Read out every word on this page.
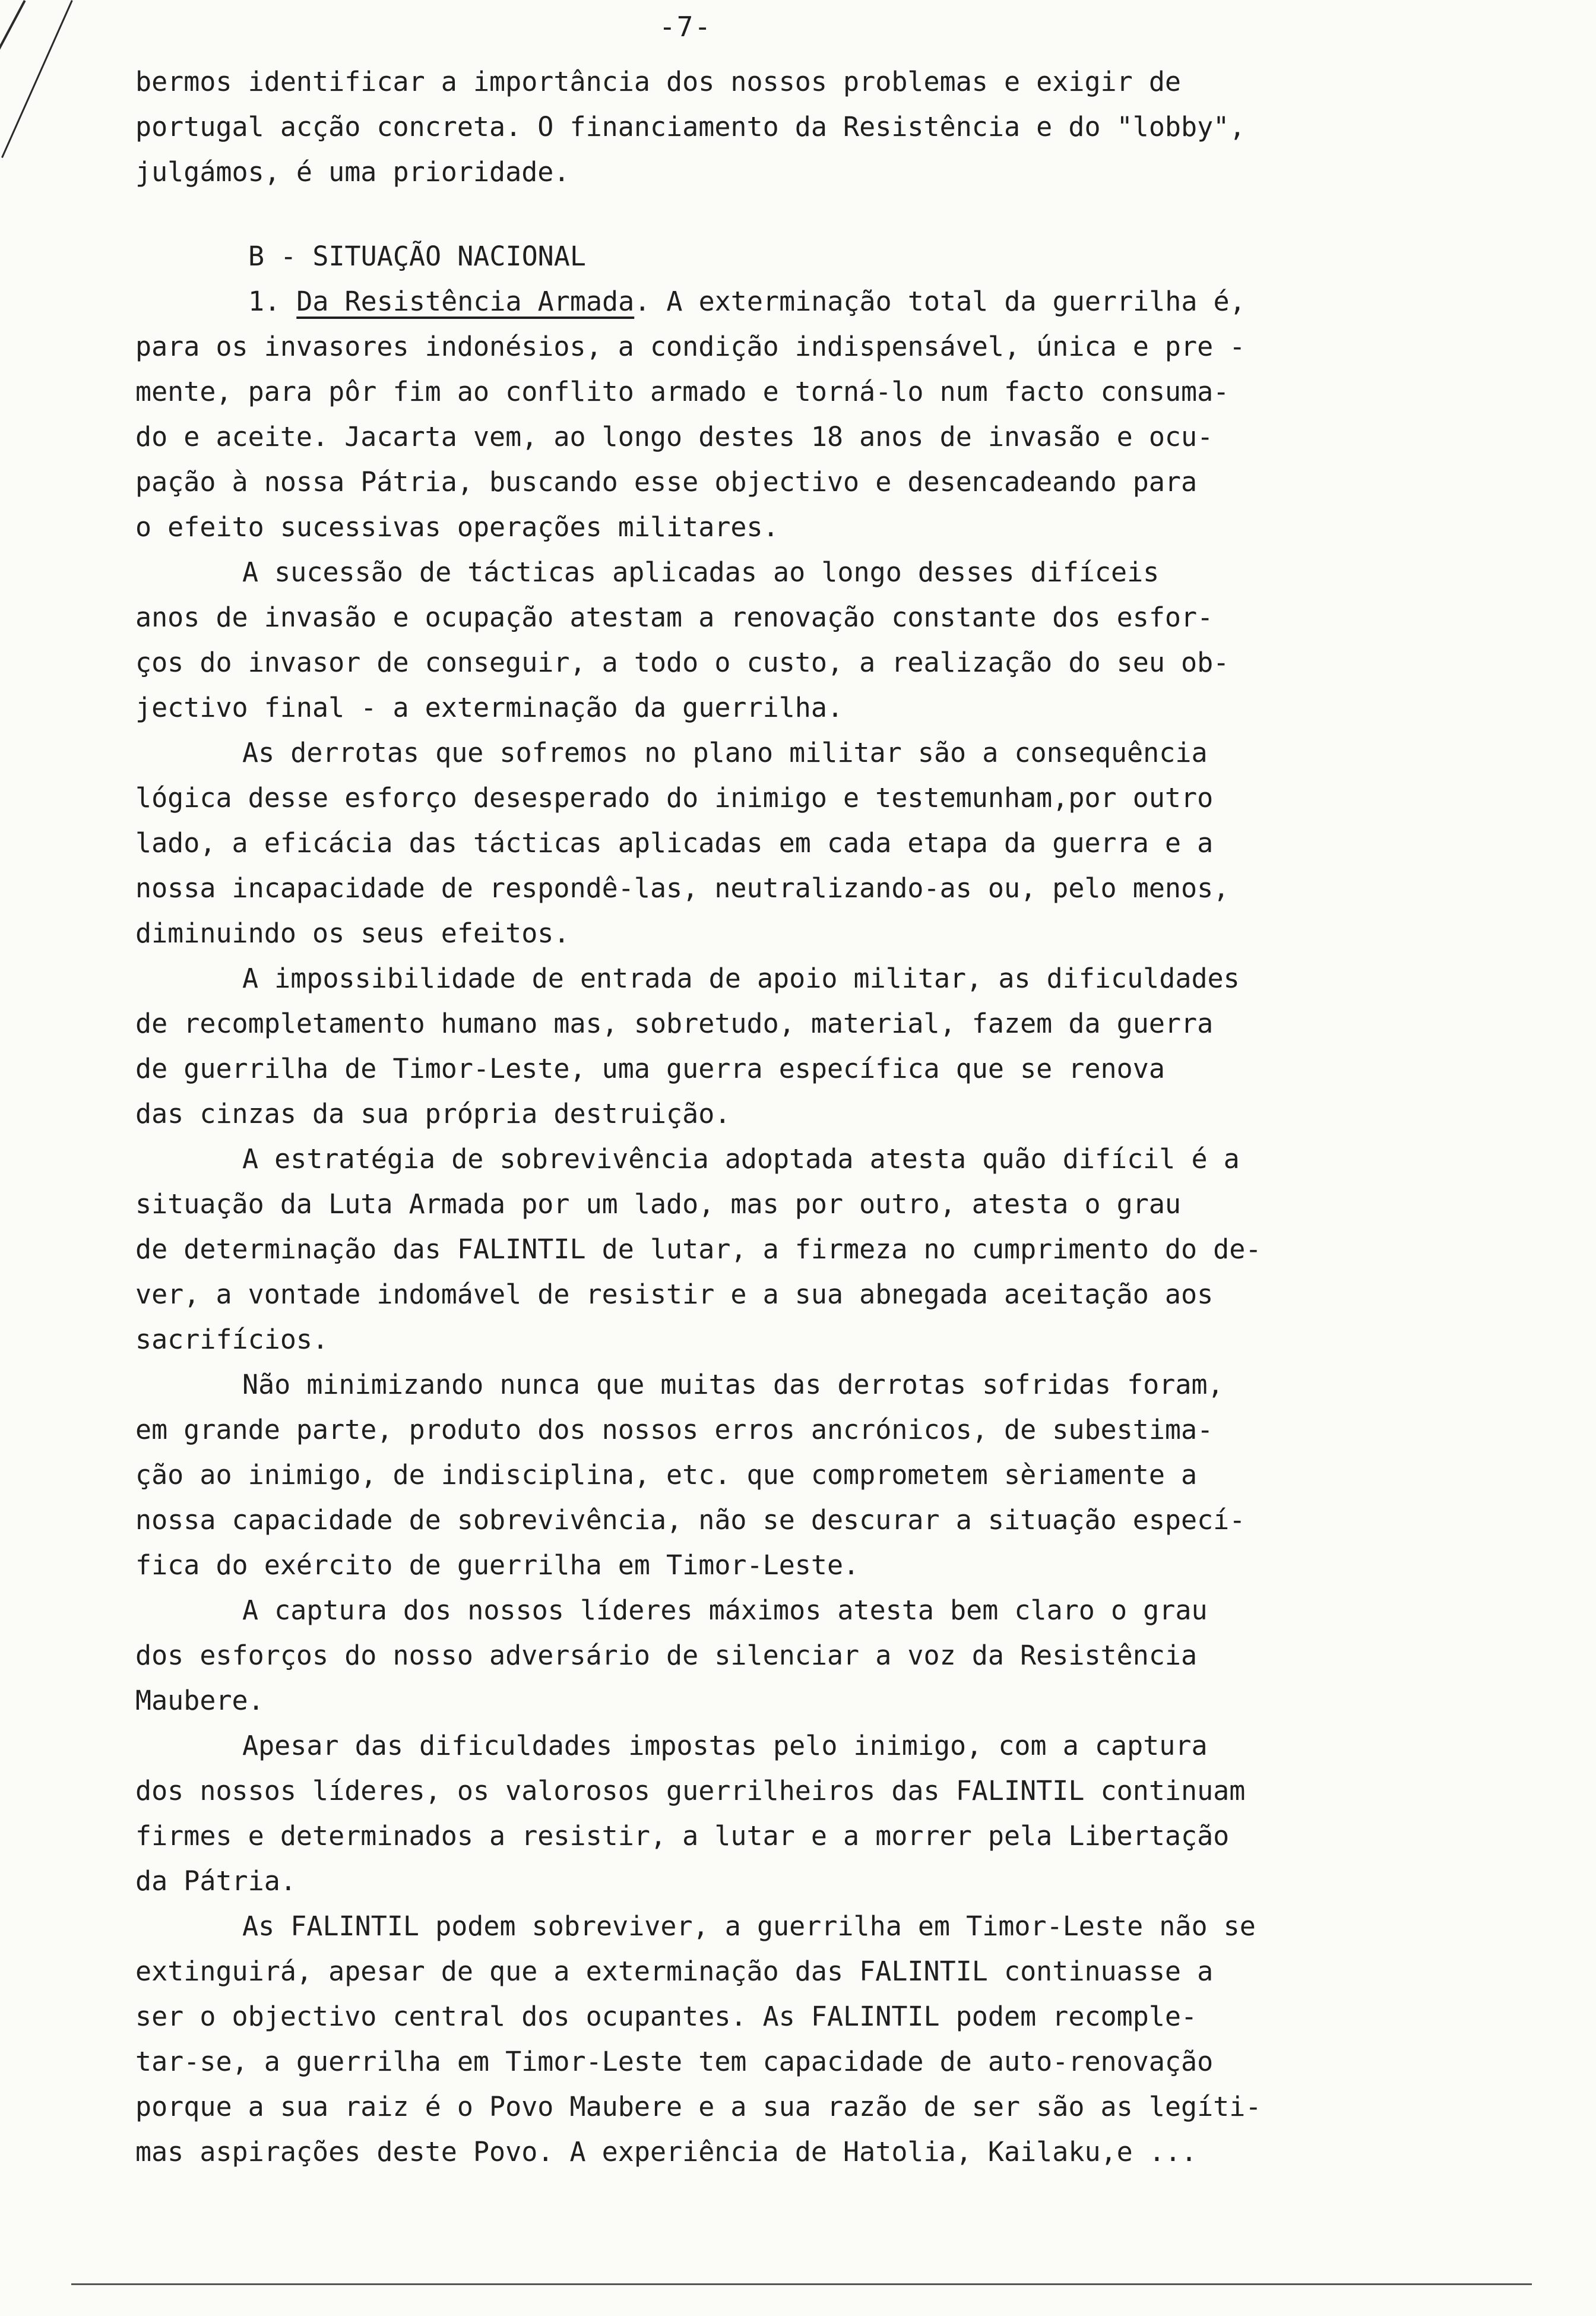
-7-
bermos identificar a importância dos nossos problemas e exigir de
portugal acção concreta. O financiamento da Resistência e do "lobby",
julgámos, é uma prioridade.
B - SITUAÇÃO NACIONAL
1. Da Resistência Armada. A exterminação total da guerrilha é,
para os invasores indonésios, a condição indispensável, única e pre -
mente, para pôr fim ao conflito armado e torná-lo num facto consuma-
do e aceite. Jacarta vem, ao longo destes 18 anos de invasão e ocu-
pação à nossa Pátria, buscando esse objectivo e desencadeando para
o efeito sucessivas operações militares.
A sucessão de tácticas aplicadas ao longo desses difíceis
anos de invasão e ocupação atestam a renovação constante dos esfor-
ços do invasor de conseguir, a todo o custo, a realização do seu ob-
jectivo final - a exterminação da guerrilha.
As derrotas que sofremos no plano militar são a consequência
lógica desse esforço desesperado do inimigo e testemunham,por outro
lado, a eficácia das tácticas aplicadas em cada etapa da guerra e a
nossa incapacidade de respondê-las, neutralizando-as ou, pelo menos,
diminuindo os seus efeitos.
A impossibilidade de entrada de apoio militar, as dificuldades
de recompletamento humano mas, sobretudo, material, fazem da guerra
de guerrilha de Timor-Leste, uma guerra específica que se renova
das cinzas da sua própria destruição.
A estratégia de sobrevivência adoptada atesta quão difícil é a
situação da Luta Armada por um lado, mas por outro, atesta o grau
de determinação das FALINTIL de lutar, a firmeza no cumprimento do de-
ver, a vontade indomável de resistir e a sua abnegada aceitação aos
sacrifícios.
Não minimizando nunca que muitas das derrotas sofridas foram,
em grande parte, produto dos nossos erros ancrónicos, de subestima-
ção ao inimigo, de indisciplina, etc. que comprometem sèriamente a
nossa capacidade de sobrevivência, não se descurar a situação especí-
fica do exército de guerrilha em Timor-Leste.
A captura dos nossos líderes máximos atesta bem claro o grau
dos esforços do nosso adversário de silenciar a voz da Resistência
Maubere.
Apesar das dificuldades impostas pelo inimigo, com a captura
dos nossos líderes, os valorosos guerrilheiros das FALINTIL continuam
firmes e determinados a resistir, a lutar e a morrer pela Libertação
da Pátria.
As FALINTIL podem sobreviver, a guerrilha em Timor-Leste não se
extinguirá, apesar de que a exterminação das FALINTIL continuasse a
ser o objectivo central dos ocupantes. As FALINTIL podem recomple-
tar-se, a guerrilha em Timor-Leste tem capacidade de auto-renovação
porque a sua raiz é o Povo Maubere e a sua razão de ser são as legíti-
mas aspirações deste Povo. A experiência de Hatolia, Kailaku,e ...
